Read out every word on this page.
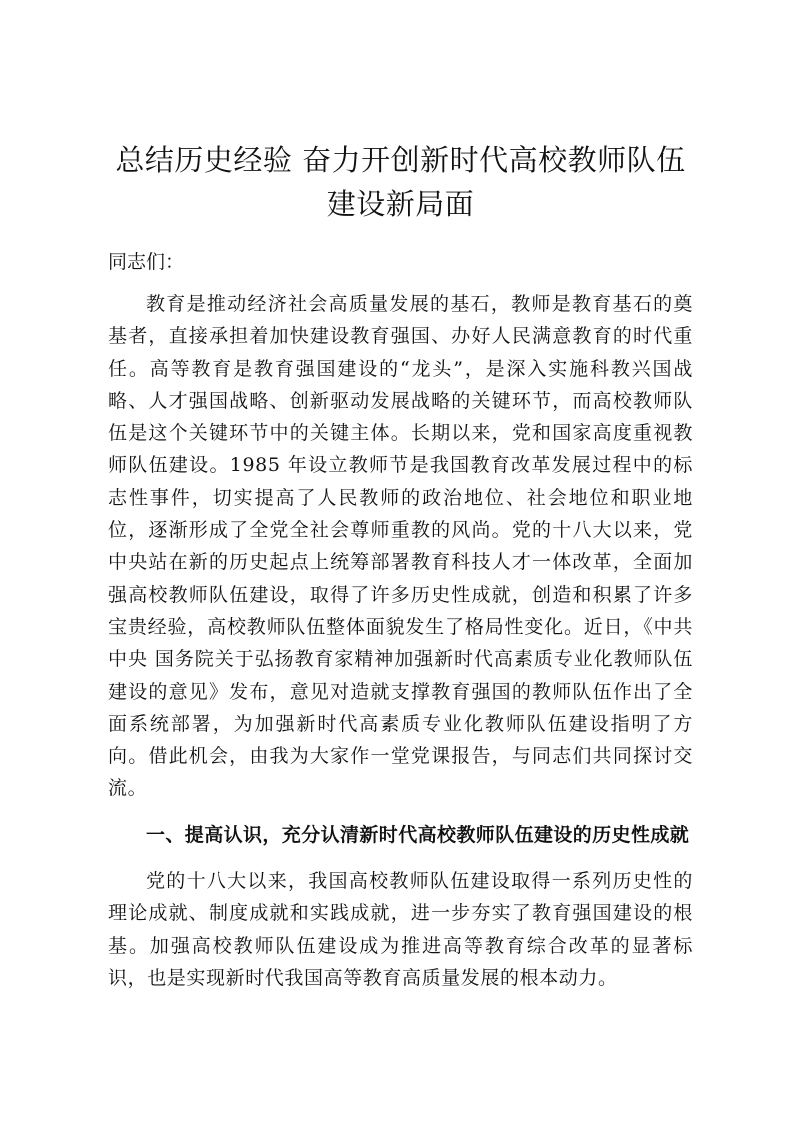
总结历史经验 奋力开创新时代高校教师队伍
建设新局面

同志们：

教育是推动经济社会高质量发展的基石，教师是教育基石的奠基者，直接承担着加快建设教育强国、办好人民满意教育的时代重任。高等教育是教育强国建设的“龙头”，是深入实施科教兴国战略、人才强国战略、创新驱动发展战略的关键环节，而高校教师队伍是这个关键环节中的关键主体。长期以来，党和国家高度重视教师队伍建设。1985 年设立教师节是我国教育改革发展过程中的标志性事件，切实提高了人民教师的政治地位、社会地位和职业地位，逐渐形成了全党全社会尊师重教的风尚。党的十八大以来，党中央站在新的历史起点上统筹部署教育科技人才一体改革，全面加强高校教师队伍建设，取得了许多历史性成就，创造和积累了许多宝贵经验，高校教师队伍整体面貌发生了格局性变化。近日，《中共中央 国务院关于弘扬教育家精神加强新时代高素质专业化教师队伍建设的意见》发布，意见对造就支撑教育强国的教师队伍作出了全面系统部署，为加强新时代高素质专业化教师队伍建设指明了方向。借此机会，由我为大家作一堂党课报告，与同志们共同探讨交流。

一、提高认识，充分认清新时代高校教师队伍建设的历史性成就

党的十八大以来，我国高校教师队伍建设取得一系列历史性的理论成就、制度成就和实践成就，进一步夯实了教育强国建设的根基。加强高校教师队伍建设成为推进高等教育综合改革的显著标识，也是实现新时代我国高等教育高质量发展的根本动力。
